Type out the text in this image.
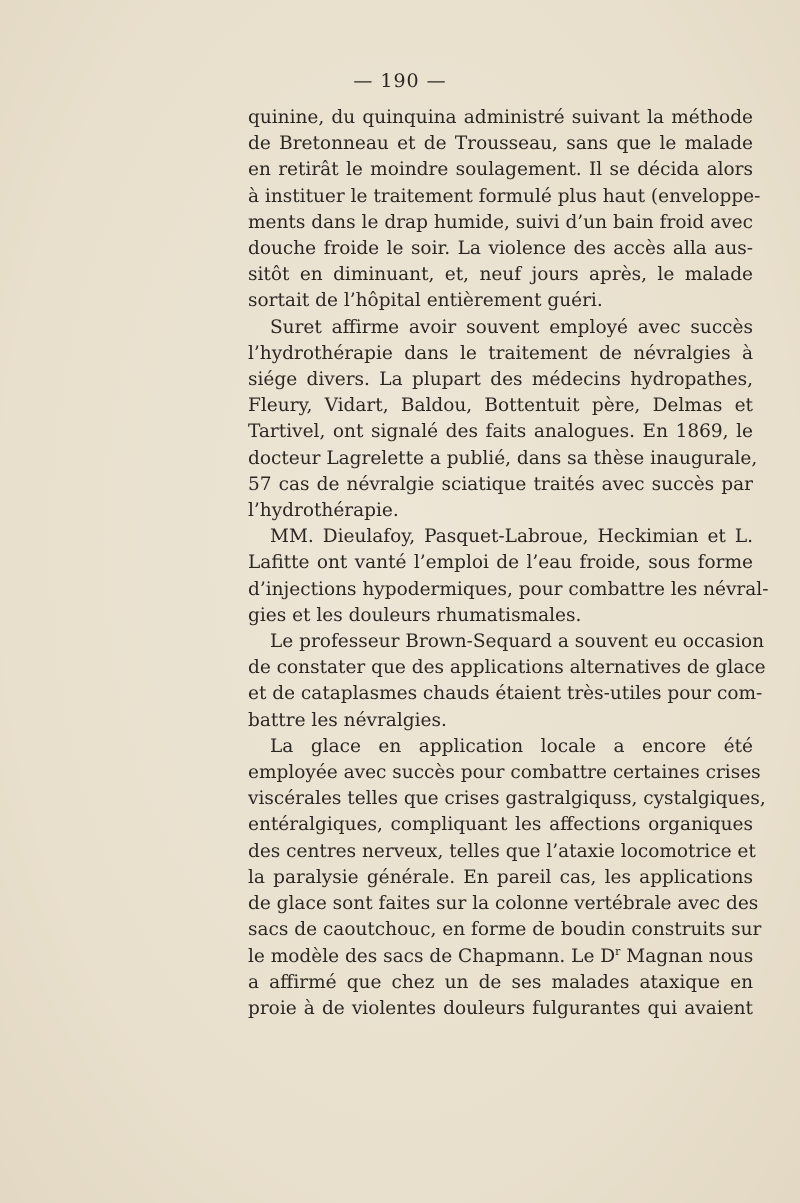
— 190 —
quinine, du quinquina administré suivant la méthode
de Bretonneau et de Trousseau, sans que le malade
en retirât le moindre soulagement. Il se décida alors
à instituer le traitement formulé plus haut (enveloppe-
ments dans le drap humide, suivi d’un bain froid avec
douche froide le soir. La violence des accès alla aus-
sitôt en diminuant, et, neuf jours après, le malade
sortait de l’hôpital entièrement guéri.
Suret affirme avoir souvent employé avec succès
l’hydrothérapie dans le traitement de névralgies à
siége divers. La plupart des médecins hydropathes,
Fleury, Vidart, Baldou, Bottentuit père, Delmas et
Tartivel, ont signalé des faits analogues. En 1869, le
docteur Lagrelette a publié, dans sa thèse inaugurale,
57 cas de névralgie sciatique traités avec succès par
l’hydrothérapie.
MM. Dieulafoy, Pasquet-Labroue, Heckimian et L.
Lafitte ont vanté l’emploi de l’eau froide, sous forme
d’injections hypodermiques, pour combattre les névral-
gies et les douleurs rhumatismales.
Le professeur Brown-Sequard a souvent eu occasion
de constater que des applications alternatives de glace
et de cataplasmes chauds étaient très-utiles pour com-
battre les névralgies.
La glace en application locale a encore été
employée avec succès pour combattre certaines crises
viscérales telles que crises gastralgiquss, cystalgiques,
entéralgiques, compliquant les affections organiques
des centres nerveux, telles que l’ataxie locomotrice et
la paralysie générale. En pareil cas, les applications
de glace sont faites sur la colonne vertébrale avec des
sacs de caoutchouc, en forme de boudin construits sur
le modèle des sacs de Chapmann. Le $D^r$ Magnan nous
a affirmé que chez un de ses malades ataxique en
proie à de violentes douleurs fulgurantes qui avaient
